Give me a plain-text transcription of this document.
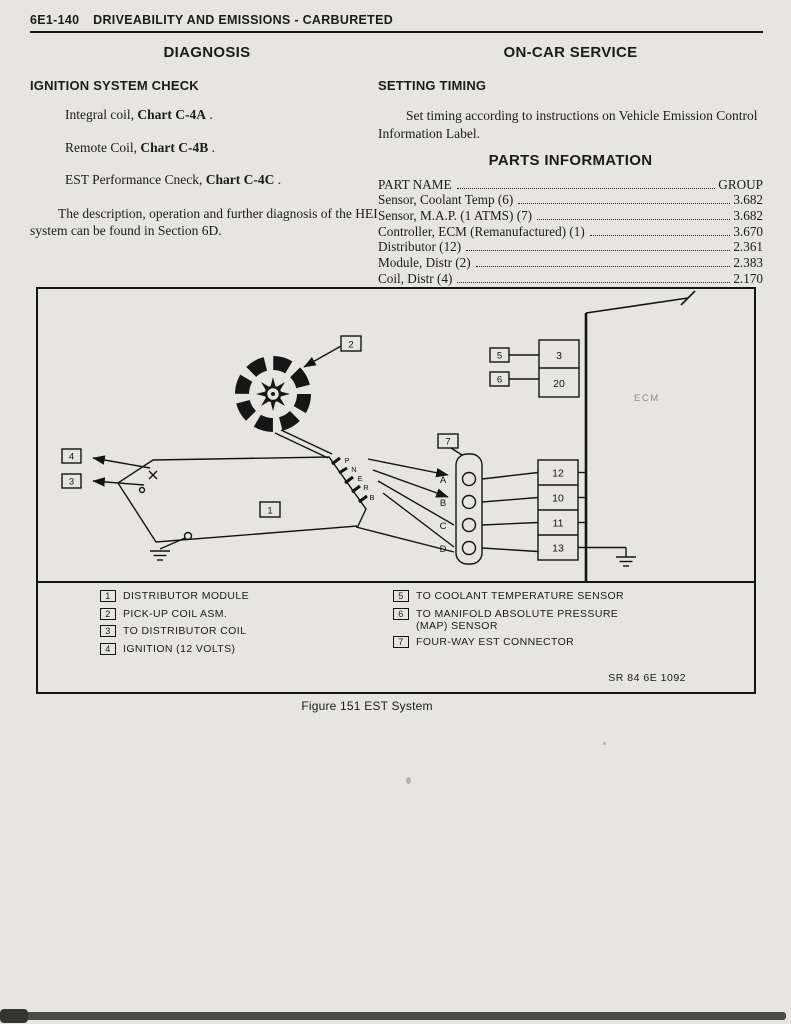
6E1-140 DRIVEABILITY AND EMISSIONS - CARBURETED
DIAGNOSIS
IGNITION SYSTEM CHECK

Integral coil, Chart C-4A .

Remote Coil, Chart C-4B .

EST Performance Cneck, Chart C-4C .

The description, operation and further diagnosis of the HEI system can be found in Section 6D.

ON-CAR SERVICE
SETTING TIMING

Set timing according to instructions on Vehicle Emission Control Information Label.

PARTS INFORMATION
PART NAME	GROUP
Sensor, Coolant Temp (6)	3.682
Sensor, M.A.P. (1 ATMS) (7)	3.682
Controller, ECM (Remanufactured) (1)	3.670
Distributor (12)	2.361
Module, Distr (2)	2.383
Coil, Distr (4)	2.170
ECM
3
20
5
6
12
10
11
13
A
B
C
D
7
2
1
P
N
E
R
B
4
3
1	DISTRIBUTOR MODULE
2	PICK-UP COIL ASM.
3	TO DISTRIBUTOR COIL
4	IGNITION (12 VOLTS)
5	TO COOLANT TEMPERATURE SENSOR
6	TO MANIFOLD ABSOLUTE PRESSURE
(MAP) SENSOR
7	FOUR-WAY EST CONNECTOR
SR 84 6E 1092
Figure 151 EST System
